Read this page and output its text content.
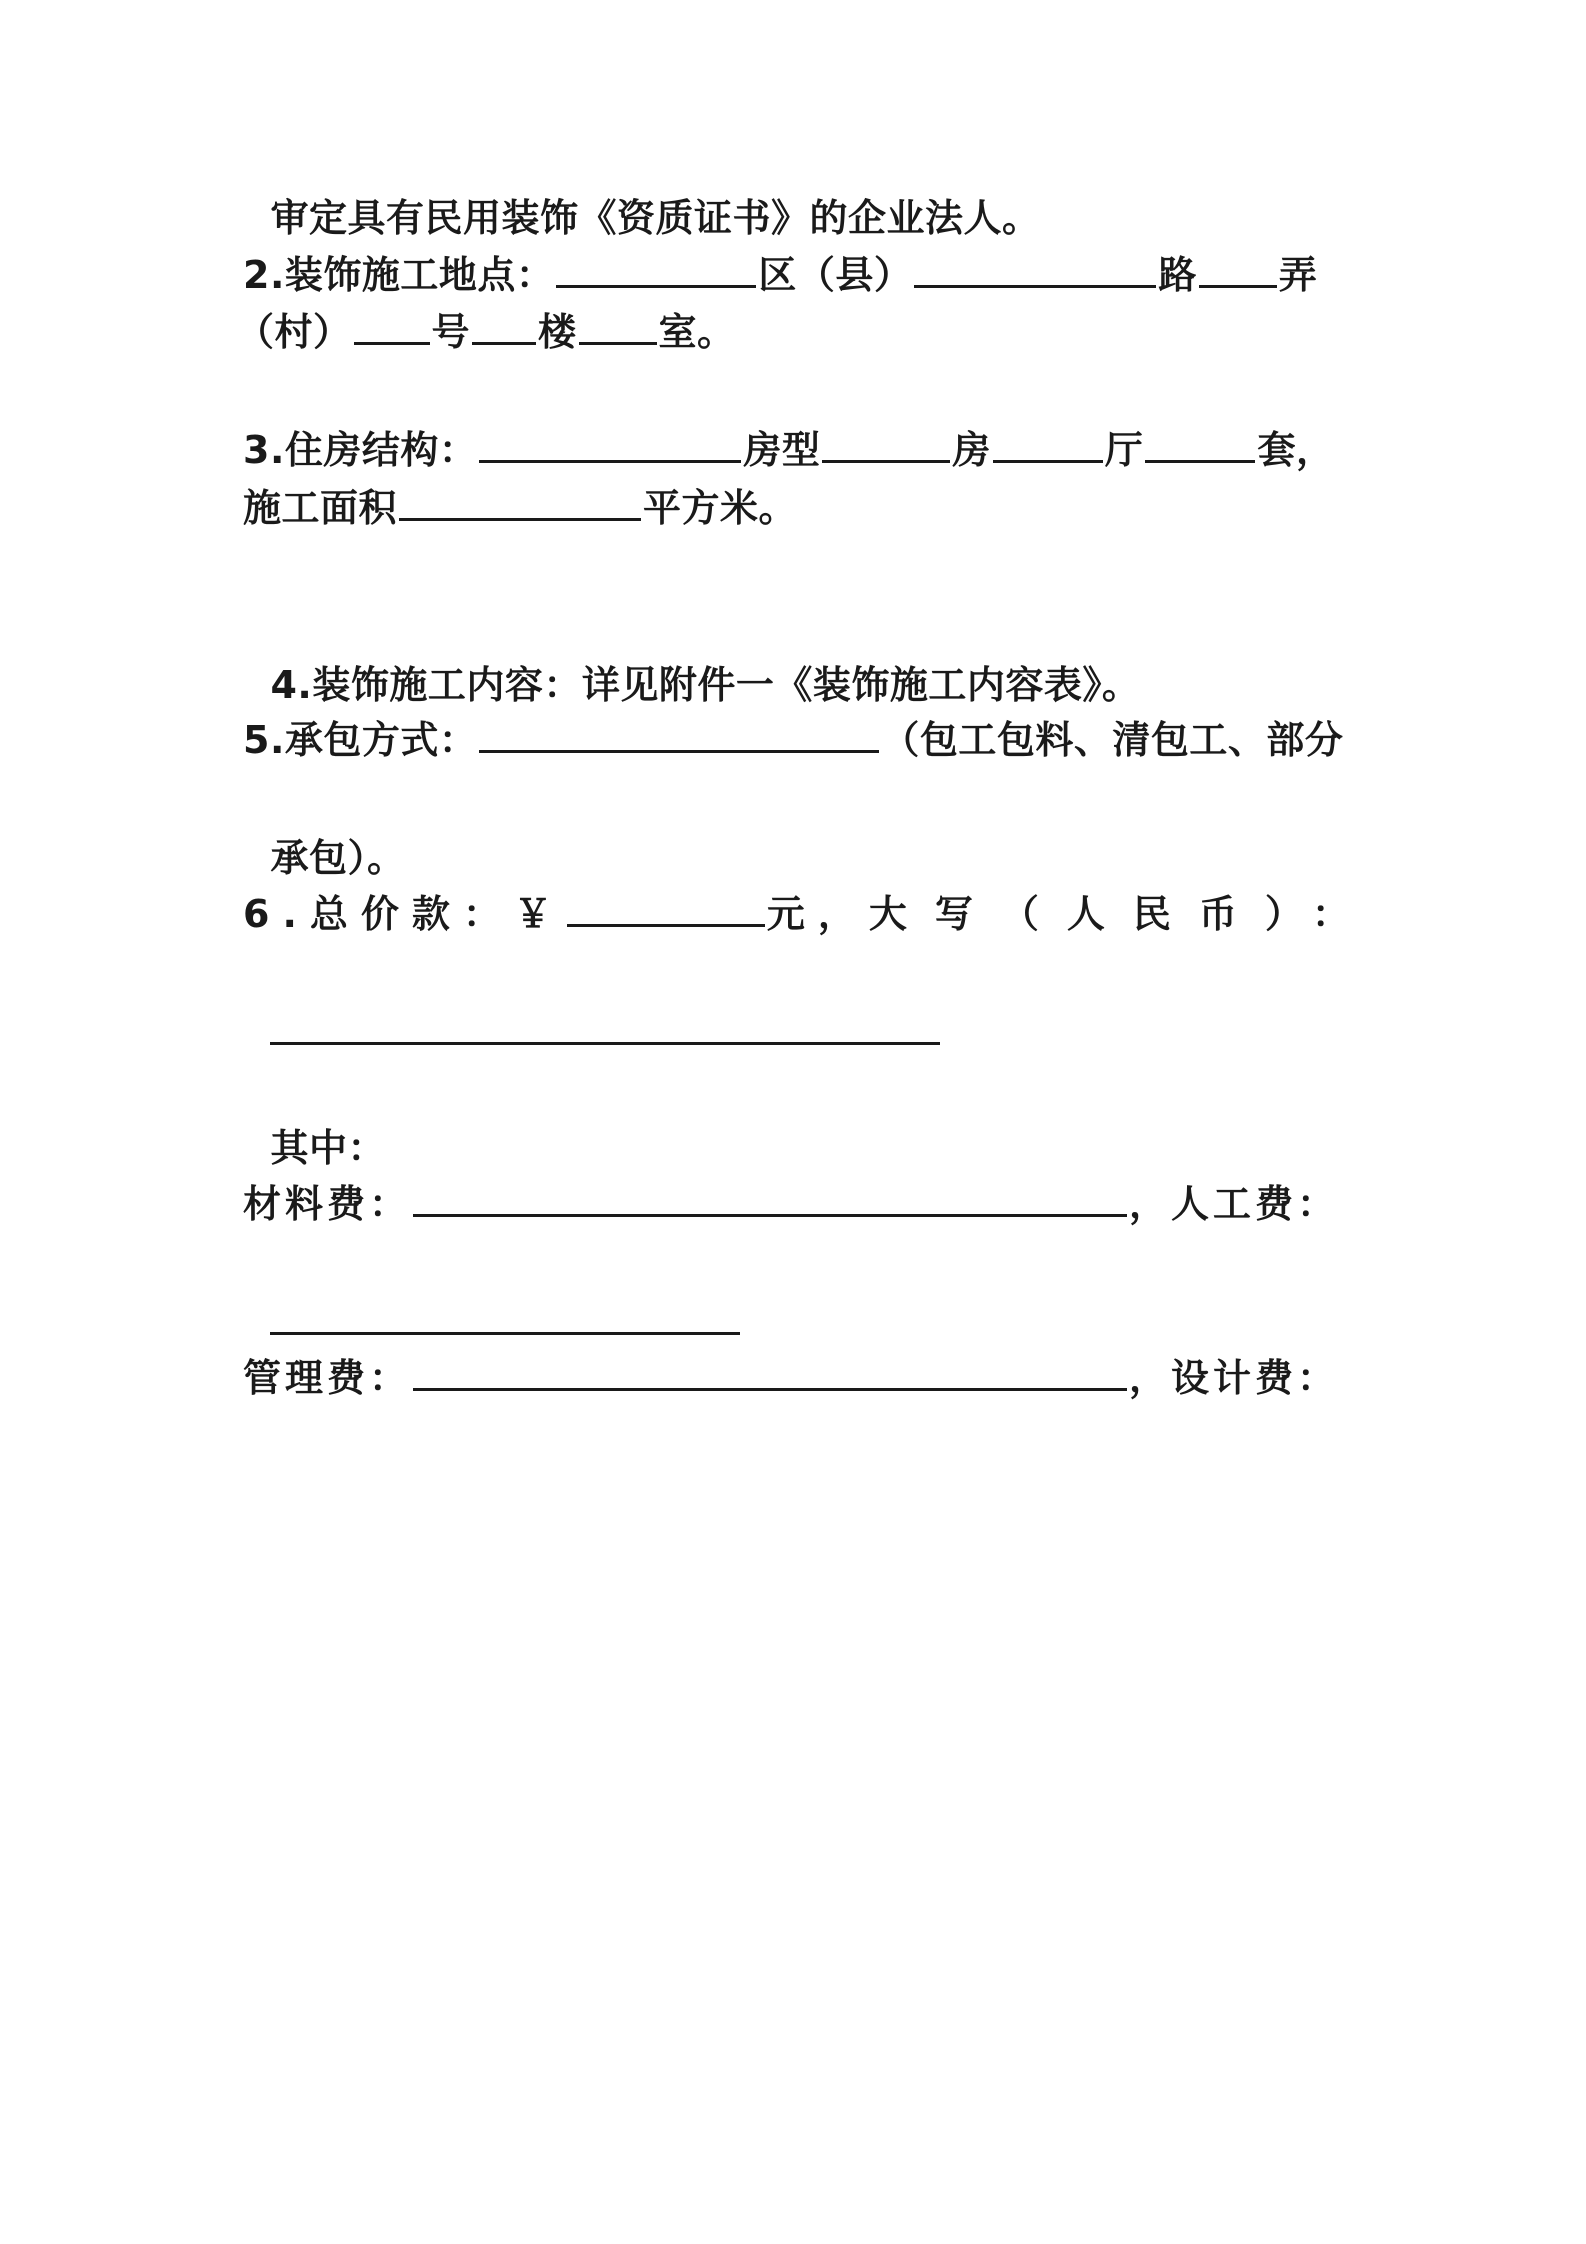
审定具有民用装饰《资质证书》的企业法人。

2.装饰施工地点：	区（县）	路 弄
（村） 号 楼 室。
3.住房结构：	房型	房	厅	套，
施工面积	平方米。

4.装饰施工内容：详见附件一《装饰施工内容表》。

5.承包方式：	（包工包料、清包工、部分

承包）。

6.总价款：￥	元，大写（人民币）：

其中：

材料费：	，人工费：

管理费：	，设计费：
